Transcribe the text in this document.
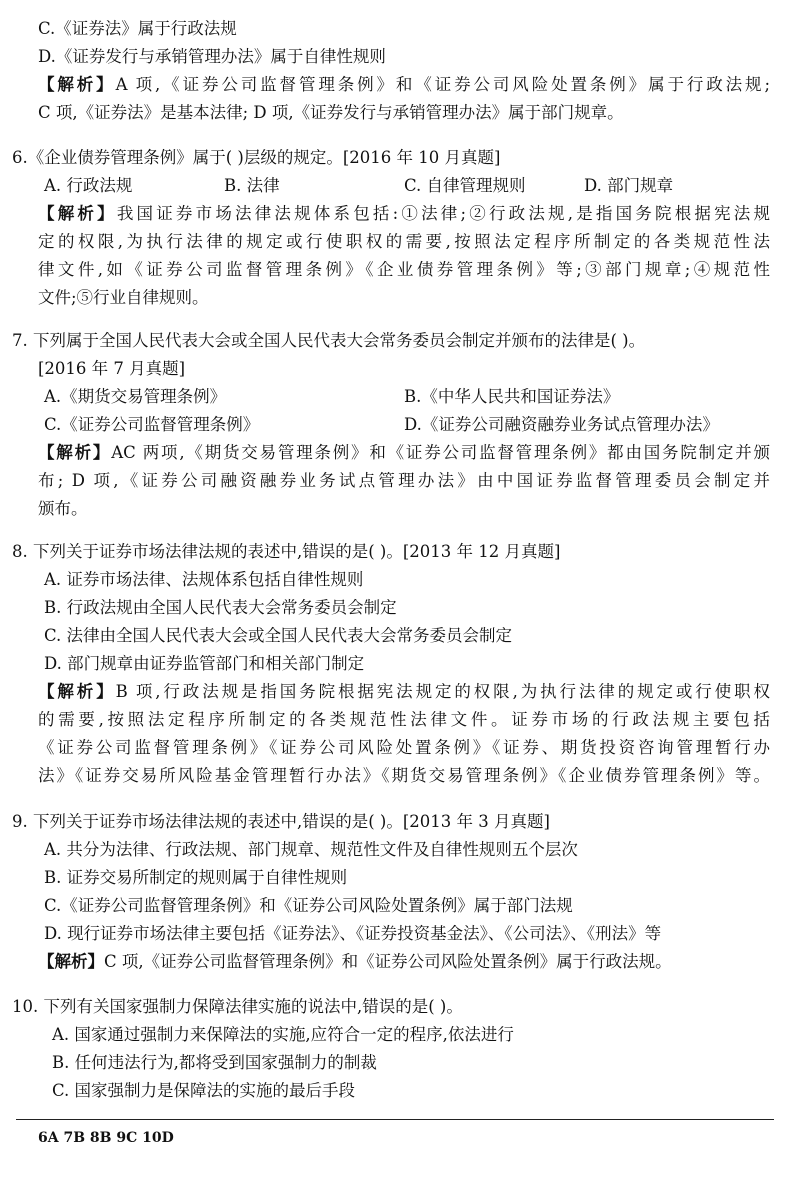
C.《证券法》属于行政法规
D.《证券发行与承销管理办法》属于自律性规则
【解析】A 项,《证券公司监督管理条例》和《证券公司风险处置条例》属于行政法规;
C 项,《证券法》是基本法律; D 项,《证券发行与承销管理办法》属于部门规章。
6.《企业债券管理条例》属于( )层级的规定。[2016 年 10 月真题]
A. 行政法规	B. 法律	C. 自律管理规则	D. 部门规章
【解析】我国证券市场法律法规体系包括:①法律;②行政法规,是指国务院根据宪法规
定的权限,为执行法律的规定或行使职权的需要,按照法定程序所制定的各类规范性法
律文件,如《证券公司监督管理条例》《企业债券管理条例》等;③部门规章;④规范性
文件;⑤行业自律规则。
7. 下列属于全国人民代表大会或全国人民代表大会常务委员会制定并颁布的法律是( )。
[2016 年 7 月真题]
A.《期货交易管理条例》	B.《中华人民共和国证券法》
C.《证券公司监督管理条例》	D.《证券公司融资融券业务试点管理办法》
【解析】AC 两项,《期货交易管理条例》和《证券公司监督管理条例》都由国务院制定并颁
布; D 项,《证券公司融资融券业务试点管理办法》由中国证券监督管理委员会制定并
颁布。
8. 下列关于证券市场法律法规的表述中,错误的是( )。[2013 年 12 月真题]
A. 证券市场法律、法规体系包括自律性规则
B. 行政法规由全国人民代表大会常务委员会制定
C. 法律由全国人民代表大会或全国人民代表大会常务委员会制定
D. 部门规章由证券监管部门和相关部门制定
【解析】B 项,行政法规是指国务院根据宪法规定的权限,为执行法律的规定或行使职权
的需要,按照法定程序所制定的各类规范性法律文件。证券市场的行政法规主要包括
《证券公司监督管理条例》《证券公司风险处置条例》《证券、期货投资咨询管理暂行办
法》《证券交易所风险基金管理暂行办法》《期货交易管理条例》《企业债券管理条例》等。
9. 下列关于证券市场法律法规的表述中,错误的是( )。[2013 年 3 月真题]
A. 共分为法律、行政法规、部门规章、规范性文件及自律性规则五个层次
B. 证券交易所制定的规则属于自律性规则
C.《证券公司监督管理条例》和《证券公司风险处置条例》属于部门法规
D. 现行证券市场法律主要包括《证券法》、《证券投资基金法》、《公司法》、《刑法》等
【解析】C 项,《证券公司监督管理条例》和《证券公司风险处置条例》属于行政法规。
10. 下列有关国家强制力保障法律实施的说法中,错误的是( )。
A. 国家通过强制力来保障法的实施,应符合一定的程序,依法进行
B. 任何违法行为,都将受到国家强制力的制裁
C. 国家强制力是保障法的实施的最后手段
6A 7B 8B 9C 10D
